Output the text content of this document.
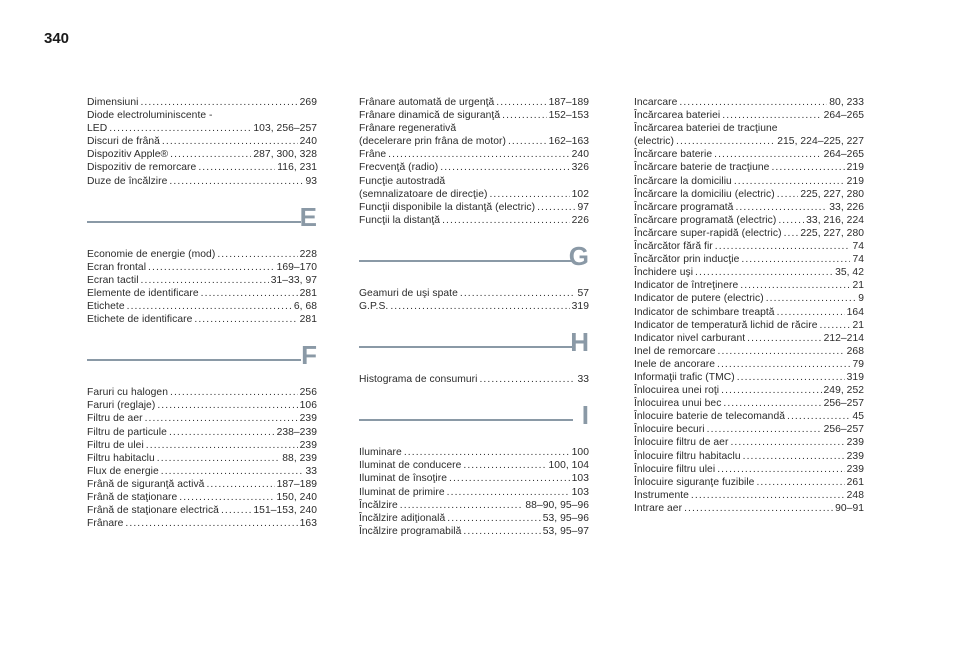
340
Dimensiuni .....	269
Diode electroluminiscente -
LED .....	103, 256–257
Discuri de frână .....	240
Dispozitiv Apple® .....	287, 300, 328
Dispozitiv de remorcare .....	116, 231
Duze de încălzire .....	93
E
Economie de energie (mod) .....	228
Ecran frontal .....	169–170
Ecran tactil .....	31–33, 97
Elemente de identificare .....	281
Etichete .....	6, 68
Etichete de identificare .....	281
F
Faruri cu halogen .....	256
Faruri (reglaje) .....	106
Filtru de aer .....	239
Filtru de particule .....	238–239
Filtru de ulei .....	239
Filtru habitaclu .....	88, 239
Flux de energie .....	33
Frână de siguranţă activă .....	187–189
Frână de staţionare .....	150, 240
Frână de staţionare electrică .....	151–153, 240
Frânare .....	163
Frânare automată de urgenţă .....	187–189
Frânare dinamică de siguranţă .....	152–153
Frânare regenerativă
(decelerare prin frâna de motor) .....	162–163
Frâne .....	240
Frecvenţă (radio) .....	326
Funcţie autostradă
(semnalizatoare de direcţie) .....	102
Funcţii disponibile la distanţă (electric) .....	97
Funcţii la distanţă .....	226
G
Geamuri de uşi spate .....	57
G.P.S. .....	319
H
Histograma de consumuri .....	33
I
Iluminare .....	100
Iluminat de conducere .....	100, 104
Iluminat de însoţire .....	103
Iluminat de primire .....	103
Încălzire .....	88–90, 95–96
Încălzire adiţională .....	53, 95–96
Încălzire programabilă .....	53, 95–97
Incarcare .....	80, 233
Încărcarea bateriei .....	264–265
Încărcarea bateriei de tracţiune
(electric) .....	215, 224–225, 227
Încărcare baterie .....	264–265
Încărcare baterie de tracţiune .....	219
Încărcare la domiciliu .....	219
Încărcare la domiciliu (electric) ..... 225, 227, 280
Încărcare programată .....	33, 226
Încărcare programată (electric) .....	33, 216, 224
Încărcare super-rapidă (electric) ..... 225, 227, 280
Încărcător fără fir .....	74
Încărcător prin inducţie .....	74
Închidere uşi .....	35, 42
Indicator de întreţinere .....	21
Indicator de putere (electric) .....	9
Indicator de schimbare treaptă .....	164
Indicator de temperatură lichid de răcire .....	21
Indicator nivel carburant .....	212–214
Inel de remorcare .....	268
Inele de ancorare .....	79
Informaţii trafic (TMC) .....	319
Înlocuirea unei roţi .....	249, 252
Înlocuirea unui bec .....	256–257
Înlocuire baterie de telecomandă .....	45
Înlocuire becuri .....	256–257
Înlocuire filtru de aer .....	239
Înlocuire filtru habitaclu .....	239
Înlocuire filtru ulei .....	239
Înlocuire siguranţe fuzibile .....	261
Instrumente .....	248
Intrare aer .....	90–91
